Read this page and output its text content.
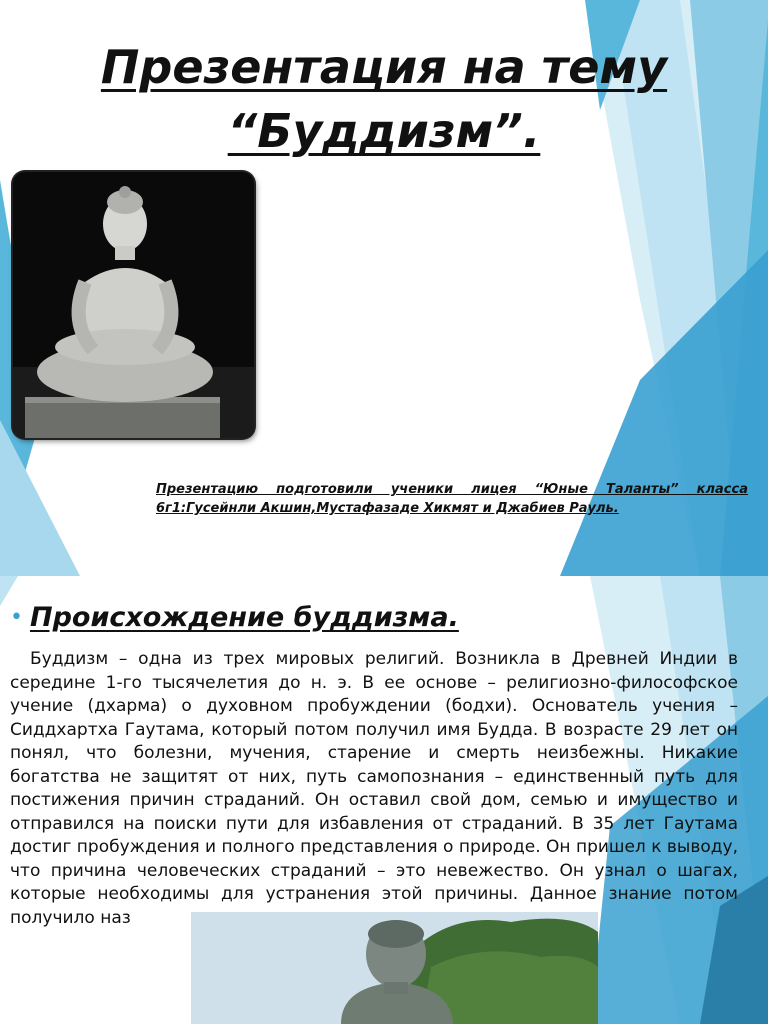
Презентация на тему
“Буддизм”.
Презентацию подготовили ученики лицея “Юные Таланты” класса 6г1:Гусейнли Акшин,Мустафазаде Хикмят и Джабиев Рауль.
• Происхождение буддизма.
Буддизм – одна из трех мировых религий. Возникла в Древней Индии в середине 1-го тысячелетия до н. э. В ее основе – религиозно-философское учение (дхарма) о духовном пробуждении (бодхи). Основатель учения – Сиддхартха Гаутама, который потом получил имя Будда. В возрасте 29 лет он понял, что болезни, мучения, старение и смерть неизбежны. Никакие богатства не защитят от них, путь самопознания – единственный путь для постижения причин страданий. Он оставил свой дом, семью и имущество и отправился на поиски пути для избавления от страданий. В 35 лет Гаутама достиг пробуждения и полного представления о природе. Он пришел к выводу, что причина человеческих страданий – это невежество. Он узнал о шагах, которые необходимы для устранения этой причины. Данное знание потом получило наз
